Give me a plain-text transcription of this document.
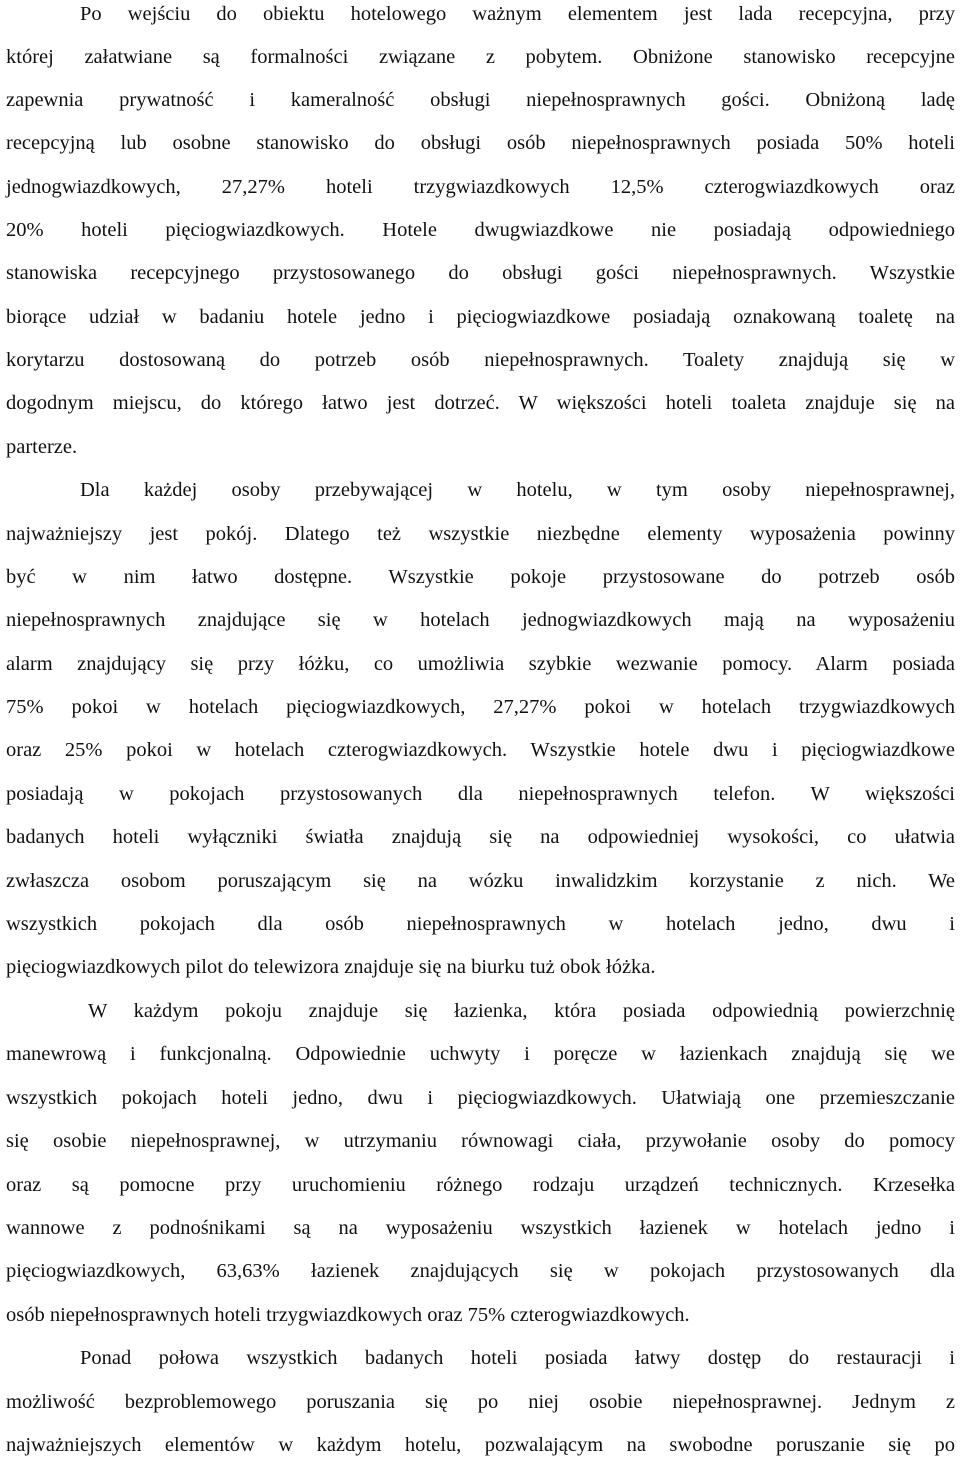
Po wejściu do obiektu hotelowego ważnym elementem jest lada recepcyjna, przy
której załatwiane są formalności związane z pobytem. Obniżone stanowisko recepcyjne
zapewnia prywatność i kameralność obsługi niepełnosprawnych gości. Obniżoną ladę
recepcyjną lub osobne stanowisko do obsługi osób niepełnosprawnych posiada 50% hoteli
jednogwiazdkowych, 27,27% hoteli trzygwiazdkowych 12,5% czterogwiazdkowych oraz
20% hoteli pięciogwiazdkowych. Hotele dwugwiazdkowe nie posiadają odpowiedniego
stanowiska recepcyjnego przystosowanego do obsługi gości niepełnosprawnych. Wszystkie
biorące udział w badaniu hotele jedno i pięciogwiazdkowe posiadają oznakowaną toaletę na
korytarzu dostosowaną do potrzeb osób niepełnosprawnych. Toalety znajdują się w
dogodnym miejscu, do którego łatwo jest dotrzeć. W większości hoteli toaleta znajduje się na
parterze.
Dla każdej osoby przebywającej w hotelu, w tym osoby niepełnosprawnej,
najważniejszy jest pokój. Dlatego też wszystkie niezbędne elementy wyposażenia powinny
być w nim łatwo dostępne. Wszystkie pokoje przystosowane do potrzeb osób
niepełnosprawnych znajdujące się w hotelach jednogwiazdkowych mają na wyposażeniu
alarm znajdujący się przy łóżku, co umożliwia szybkie wezwanie pomocy. Alarm posiada
75% pokoi w hotelach pięciogwiazdkowych, 27,27% pokoi w hotelach trzygwiazdkowych
oraz 25% pokoi w hotelach czterogwiazdkowych. Wszystkie hotele dwu i pięciogwiazdkowe
posiadają w pokojach przystosowanych dla niepełnosprawnych telefon. W większości
badanych hoteli wyłączniki światła znajdują się na odpowiedniej wysokości, co ułatwia
zwłaszcza osobom poruszającym się na wózku inwalidzkim korzystanie z nich. We
wszystkich pokojach dla osób niepełnosprawnych w hotelach jedno, dwu i
pięciogwiazdkowych pilot do telewizora znajduje się na biurku tuż obok łóżka.
W każdym pokoju znajduje się łazienka, która posiada odpowiednią powierzchnię
manewrową i funkcjonalną. Odpowiednie uchwyty i poręcze w łazienkach znajdują się we
wszystkich pokojach hoteli jedno, dwu i pięciogwiazdkowych. Ułatwiają one przemieszczanie
się osobie niepełnosprawnej, w utrzymaniu równowagi ciała, przywołanie osoby do pomocy
oraz są pomocne przy uruchomieniu różnego rodzaju urządzeń technicznych. Krzesełka
wannowe z podnośnikami są na wyposażeniu wszystkich łazienek w hotelach jedno i
pięciogwiazdkowych, 63,63% łazienek znajdujących się w pokojach przystosowanych dla
osób niepełnosprawnych hoteli trzygwiazdkowych oraz 75% czterogwiazdkowych.
Ponad połowa wszystkich badanych hoteli posiada łatwy dostęp do restauracji i
możliwość bezproblemowego poruszania się po niej osobie niepełnosprawnej. Jednym z
najważniejszych elementów w każdym hotelu, pozwalającym na swobodne poruszanie się po
